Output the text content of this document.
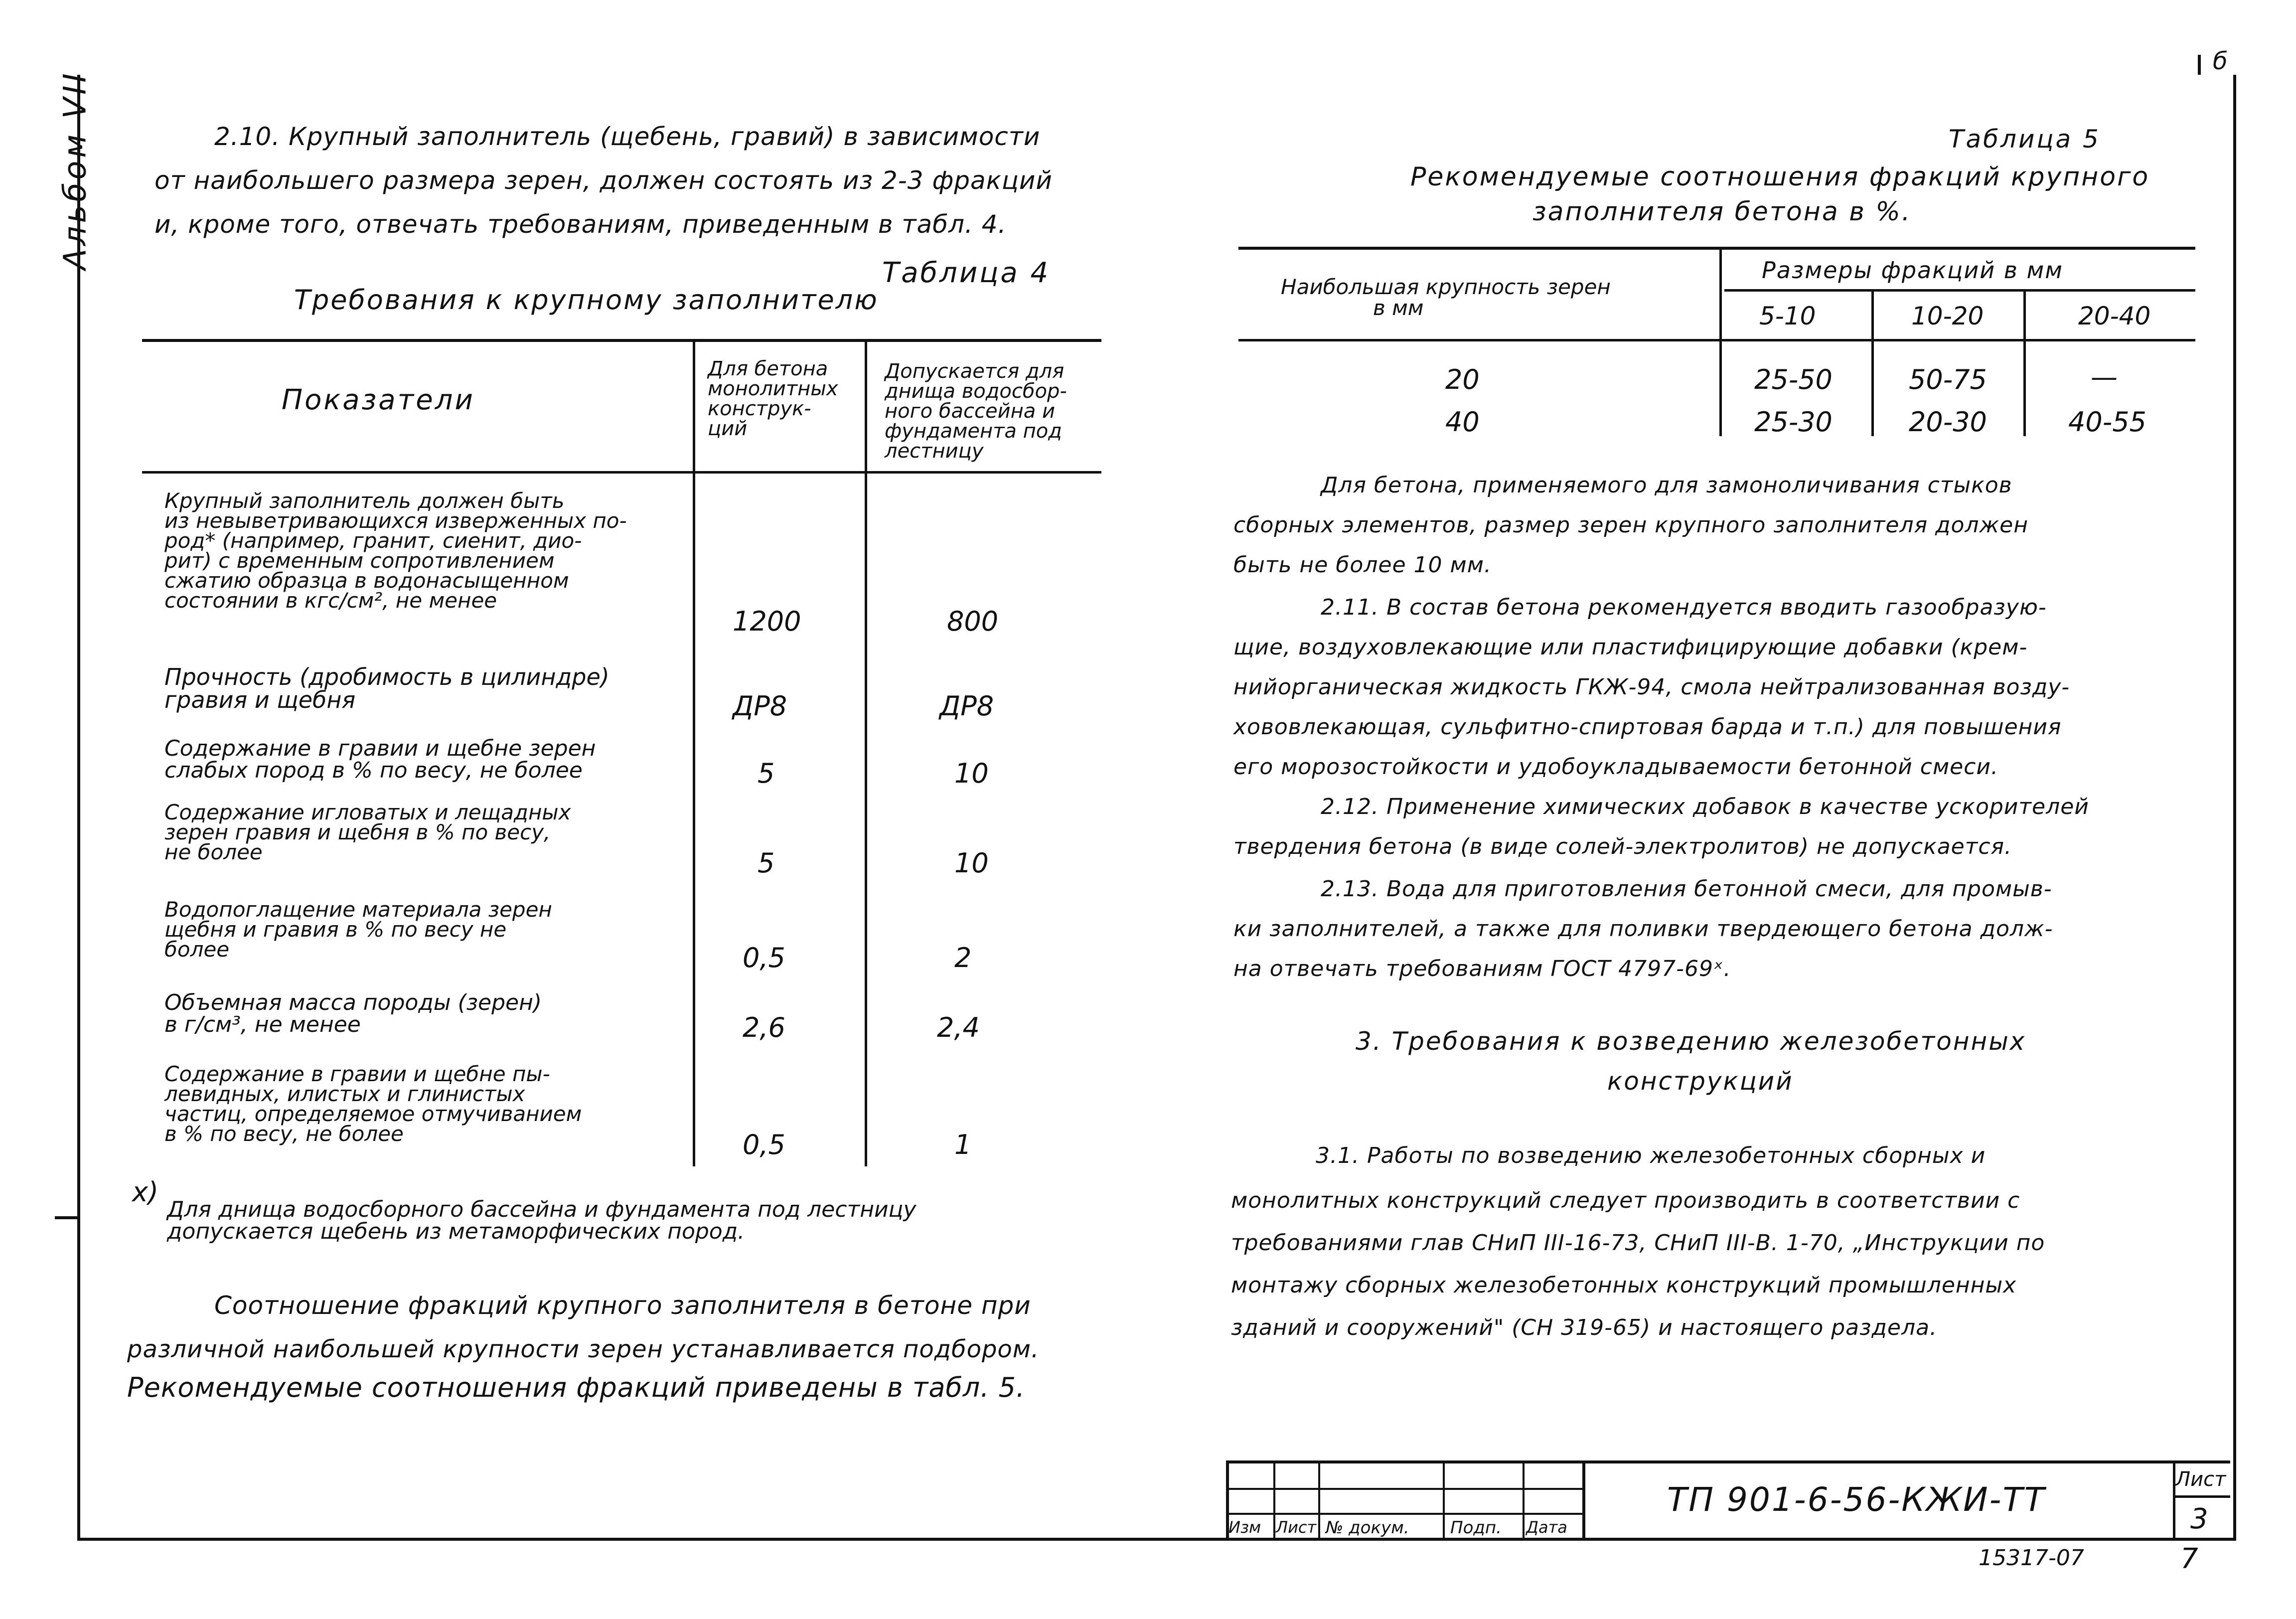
Альбом VII
б
2.10. Крупный заполнитель (щебень, гравий) в зависимости
от наибольшего размера зерен, должен состоять из 2-3 фракций
и, кроме того, отвечать требованиям, приведенным в табл. 4.
Таблица 4
Требования к крупному заполнителю
Показатели
Для бетона
монолитных
конструк-
ций
Допускается для
днища водосбор-
ного бассейна и
фундамента под
лестницу
Крупный заполнитель должен быть
из невыветривающихся изверженных по-
род* (например, гранит, сиенит, дио-
рит) с временным сопротивлением
сжатию образца в водонасыщенном
состоянии в кгс/см², не менее
1200	800
Прочность (дробимость в цилиндре)
гравия и щебня	ДР8	ДР8
Содержание в гравии и щебне зерен
слабых пород в % по весу, не более	5	10
Содержание игловатых и лещадных
зерен гравия и щебня в % по весу,
не более	5	10
Водопоглащение материала зерен
щебня и гравия в % по весу не
более	0,5	2
Объемная масса породы (зерен)
в г/см³, не менее	2,6	2,4
Содержание в гравии и щебне пы-
левидных, илистых и глинистых
частиц, определяемое отмучиванием
в % по весу, не более	0,5	1
x)
Для днища водосборного бассейна и фундамента под лестницу
допускается щебень из метаморфических пород.
Соотношение фракций крупного заполнителя в бетоне при
различной наибольшей крупности зерен устанавливается подбором.
Рекомендуемые соотношения фракций приведены в табл. 5.
Таблица 5
Рекомендуемые соотношения фракций крупного
заполнителя бетона в %.
Наибольшая крупность зерен
в мм
Размеры фракций в мм
5-10	10-20	20-40
20	25-50	50-75	—
40	25-30	20-30	40-55
Для бетона, применяемого для замоноличивания стыков
сборных элементов, размер зерен крупного заполнителя должен
быть не более 10 мм.
2.11. В состав бетона рекомендуется вводить газообразую-
щие, воздуховлекающие или пластифицирующие добавки (крем-
нийорганическая жидкость ГКЖ-94, смола нейтрализованная возду-
хововлекающая, сульфитно-спиртовая барда и т.п.) для повышения
его морозостойкости и удобоукладываемости бетонной смеси.
2.12. Применение химических добавок в качестве ускорителей
твердения бетона (в виде солей-электролитов) не допускается.
2.13. Вода для приготовления бетонной смеси, для промыв-
ки заполнителей, а также для поливки твердеющего бетона долж-
на отвечать требованиям ГОСТ 4797-69ˣ.
3. Требования к возведению железобетонных
конструкций
3.1. Работы по возведению железобетонных сборных и
монолитных конструкций следует производить в соответствии с
требованиями глав СНиП III-16-73, СНиП III-В. 1-70, „Инструкции по
монтажу сборных железобетонных конструкций промышленных
зданий и сооружений" (СН 319-65) и настоящего раздела.
Изм Лист № докум. Подп. Дата
ТП 901-6-56-КЖИ-ТТ
Лист
3
15317-07	7
